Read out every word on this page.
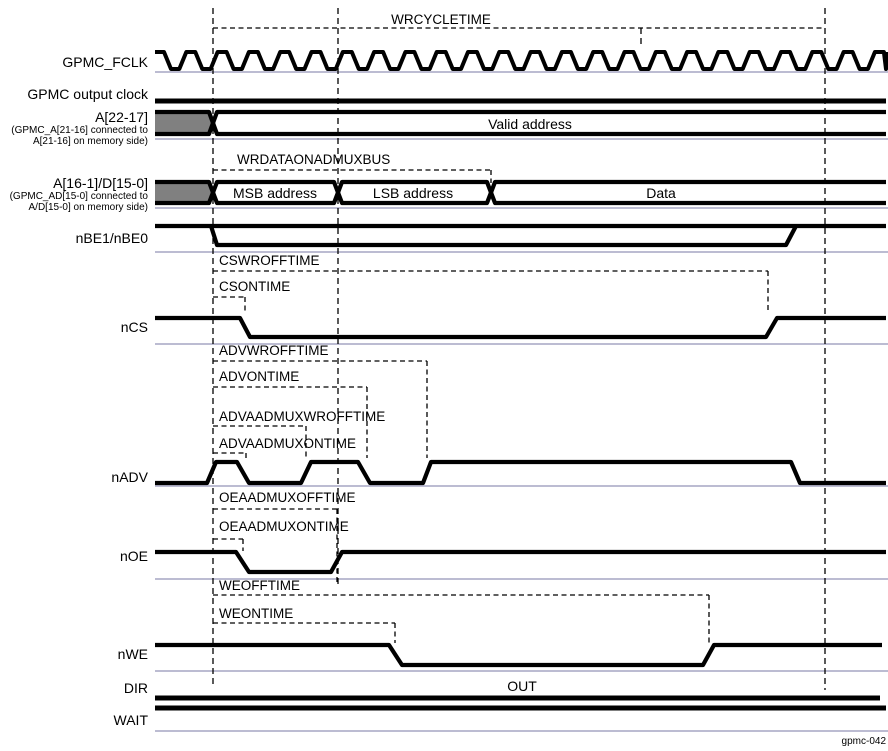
WRCYCLETIME
WRDATAONADMUXBUS
CSWROFFTIME
CSONTIME
ADVWROFFTIME
ADVONTIME
ADVAADMUXWROFFTIME
ADVAADMUXONTIME
OEAADMUXOFFTIME
OEAADMUXONTIME
WEOFFTIME
WEONTIME
Valid address
MSB address	LSB address	Data
GPMC_FCLK
GPMC output clock
A[22-17]
(GPMC_A[21-16] connected to
A[21-16] on memory side)
A[16-1]/D[15-0]
(GPMC_AD[15-0] connected to
A/D[15-0] on memory side)
nBE1/nBE0
nCS
nADV
nOE
nWE
DIR
WAIT
OUT
gpmc-042
